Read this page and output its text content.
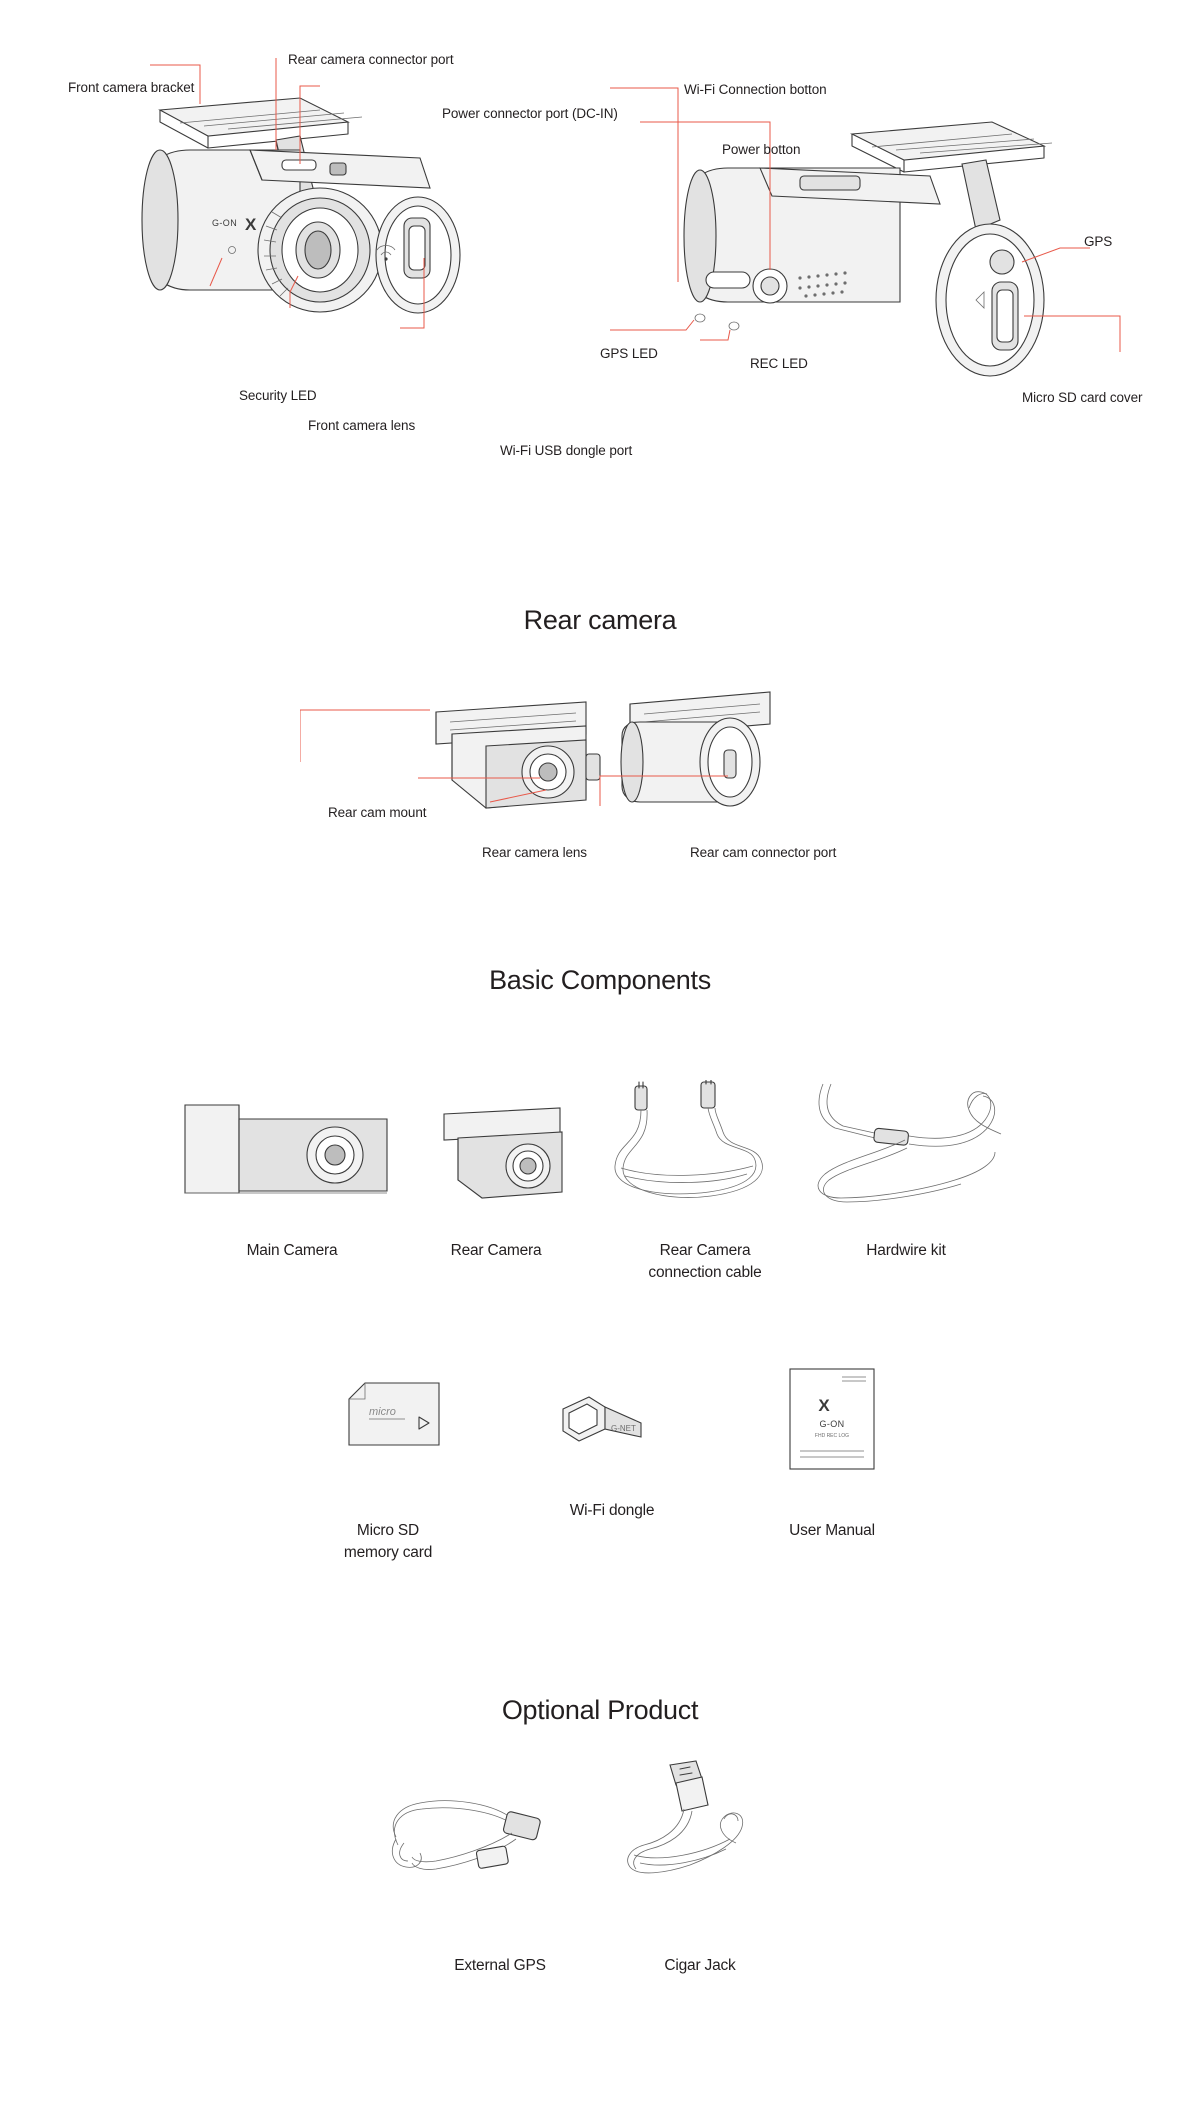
G-ON X
Front camera bracket
Rear camera connector port
Power connector port (DC-IN)
Security LED
Front camera lens
Wi-Fi USB dongle port
Wi-Fi Connection botton
Power botton
GPS LED
REC LED
GPS
Micro SD card cover
Rear camera
Rear cam mount
Rear camera lens	Rear cam connector port
Basic Components
Main Camera	Rear Camera	Rear Camera
connection cable
Hardwire kit
micro
Micro SD
memory card
G-NET
Wi-Fi dongle
X
G-ON
FHD REC LOG
User Manual
Optional Product
External GPS	Cigar Jack
